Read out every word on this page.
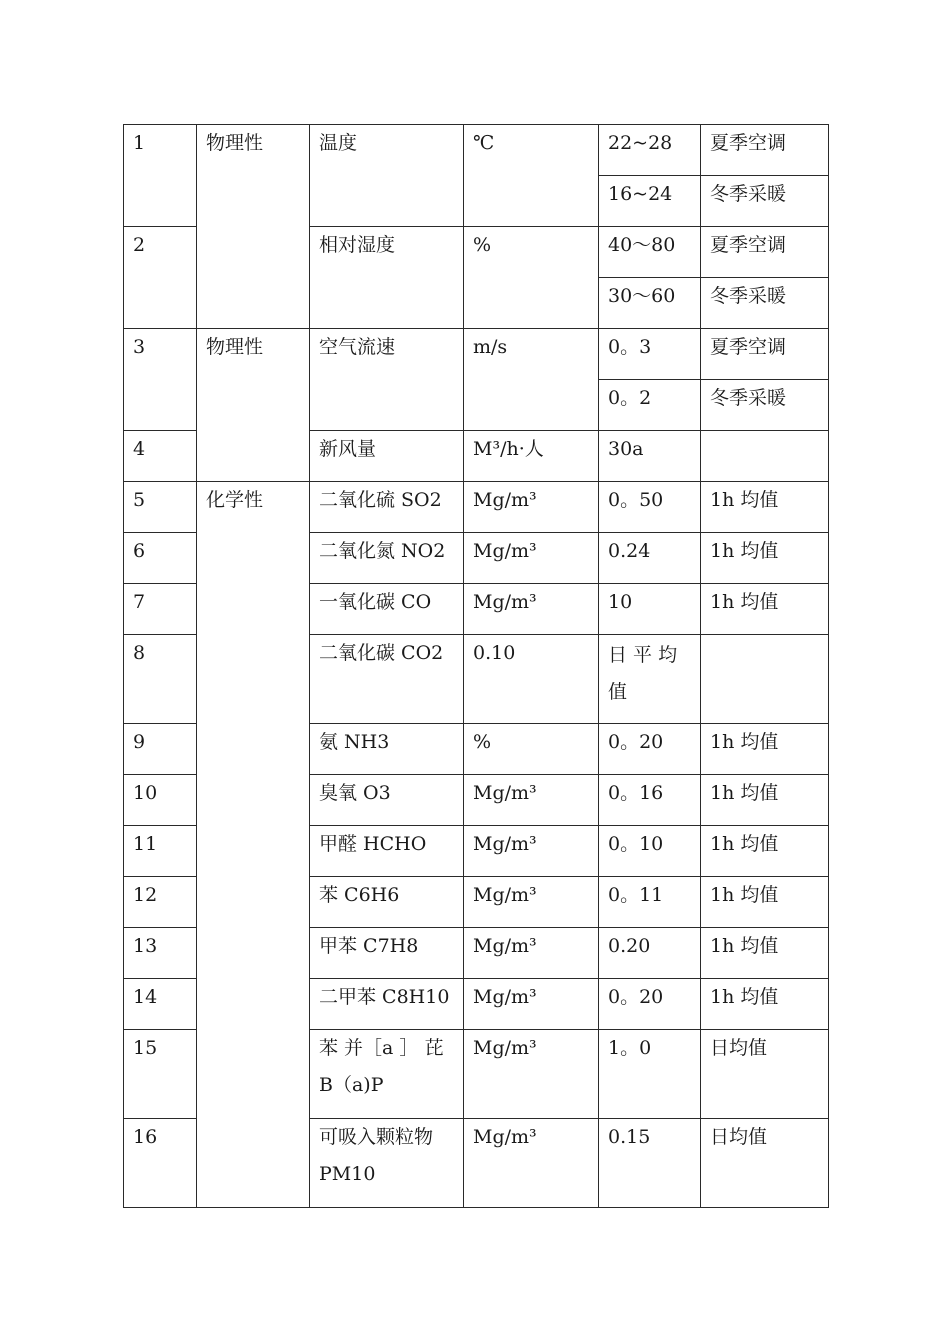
1	物理性	温度	℃	22~28	夏季空调
				16~24	冬季采暖
2		相对湿度	%	40～80	夏季空调
				30～60	冬季采暖
3	物理性	空气流速	m/s	0。3	夏季空调
				0。2	冬季采暖
4		新风量	M³/h·人	30a	
5	化学性	二氧化硫 SO2	Mg/m³	0。50	1h 均值
6		二氧化氮 NO2	Mg/m³	0.24	1h 均值
7		一氧化碳 CO	Mg/m³	10	1h 均值
8		二氧化碳 CO2	0.10	日 平 均值	
9		氨 NH3	%	0。20	1h 均值
10		臭氧 O3	Mg/m³	0。16	1h 均值
11		甲醛 HCHO	Mg/m³	0。10	1h 均值
12		苯 C6H6	Mg/m³	0。11	1h 均值
13		甲苯 C7H8	Mg/m³	0.20	1h 均值
14		二甲苯 C8H10	Mg/m³	0。20	1h 均值
15		苯 并［a ］ 芘 B（a)P	Mg/m³	1。0	日均值
16		可吸入颗粒物 PM10	Mg/m³	0.15	日均值
